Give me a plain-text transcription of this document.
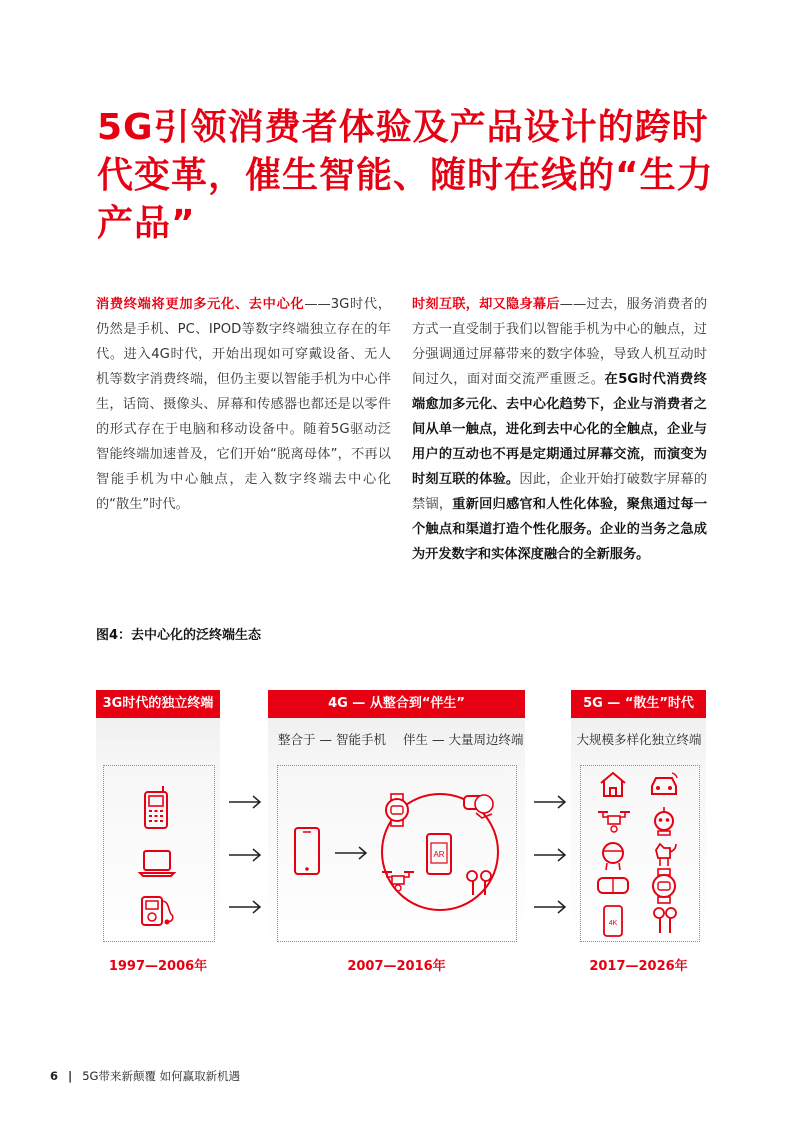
5G引领消费者体验及产品设计的跨时代变革，催生智能、随时在线的“生力产品”
消费终端将更加多元化、去中心化——3G时代，仍然是手机、PC、IPOD等数字终端独立存在的年代。进入4G时代，开始出现如可穿戴设备、无人机等数字消费终端，但仍主要以智能手机为中心伴生，话筒、摄像头、屏幕和传感器也都还是以零件的形式存在于电脑和移动设备中。随着5G驱动泛智能终端加速普及，它们开始“脱离母体”，不再以智能手机为中心触点，走入数字终端去中心化的“散生”时代。
时刻互联，却又隐身幕后——过去，服务消费者的方式一直受制于我们以智能手机为中心的触点，过分强调通过屏幕带来的数字体验，导致人机互动时间过久，面对面交流严重匮乏。在5G时代消费终端愈加多元化、去中心化趋势下，企业与消费者之间从单一触点，进化到去中心化的全触点，企业与用户的互动也不再是定期通过屏幕交流，而演变为时刻互联的体验。因此，企业开始打破数字屏幕的禁锢，重新回归感官和人性化体验，聚焦通过每一个触点和渠道打造个性化服务。企业的当务之急成为开发数字和实体深度融合的全新服务。
图4：去中心化的泛终端生态
3G时代的独立终端
1997—2006年
4G — 从整合到“伴生”
整合于 — 智能手机 伴生 — 大量周边终端
AR
2007—2016年
5G — “散生”时代
大规模多样化独立终端
4K
2017—2026年
6 | 5G带来新颠覆 如何赢取新机遇
